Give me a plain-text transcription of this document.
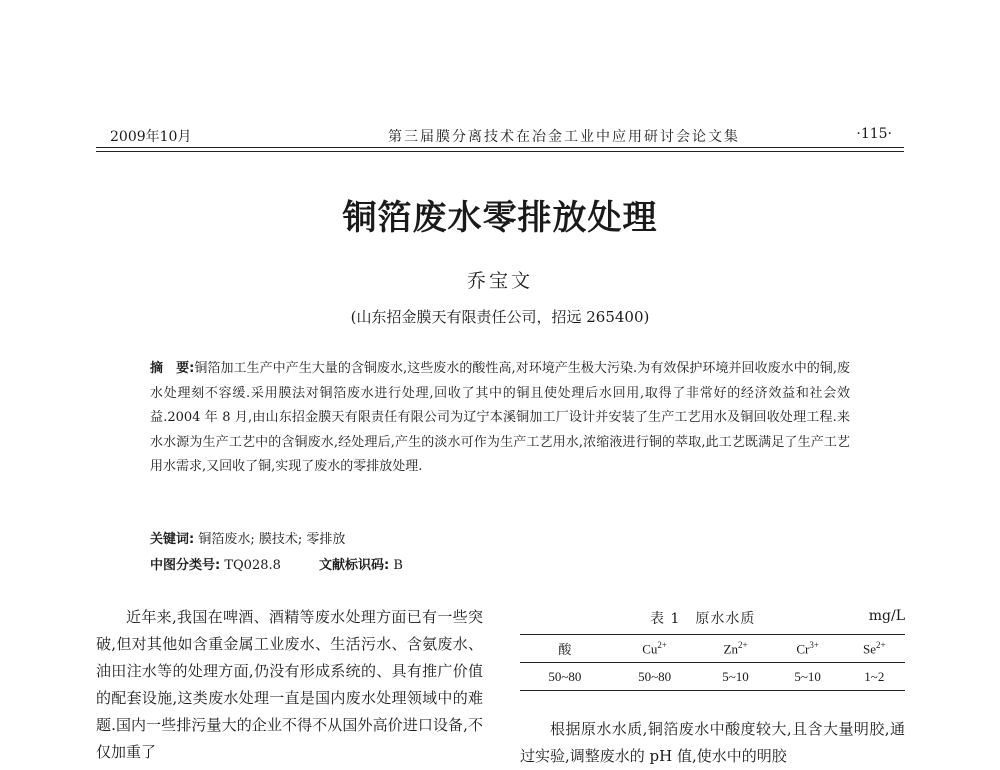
2009年10月	第三届膜分离技术在冶金工业中应用研讨会论文集	·115·
铜箔废水零排放处理
乔宝文
(山东招金膜天有限责任公司，招远 265400)
摘　要:铜箔加工生产中产生大量的含铜废水,这些废水的酸性高,对环境产生极大污染.为有效保护环境并回收废水中的铜,废水处理刻不容缓.采用膜法对铜箔废水进行处理,回收了其中的铜且使处理后水回用,取得了非常好的经济效益和社会效益.2004 年 8 月,由山东招金膜天有限责任有限公司为辽宁本溪铜加工厂设计并安装了生产工艺用水及铜回收处理工程.来水水源为生产工艺中的含铜废水,经处理后,产生的淡水可作为生产工艺用水,浓缩液进行铜的萃取,此工艺既满足了生产工艺用水需求,又回收了铜,实现了废水的零排放处理.
关键词: 铜箔废水; 膜技术; 零排放
中图分类号: TQ028.8	文献标识码: B

近年来,我国在啤酒、酒精等废水处理方面已有一些突破,但对其他如含重金属工业废水、生活污水、含氨废水、油田注水等的处理方面,仍没有形成系统的、具有推广价值的配套设施,这类废水处理一直是国内废水处理领域中的难题.国内一些排污量大的企业不得不从国外高价进口设备,不仅加重了

表 1　原水水质	mg/L
酸	$Cu^{2+}$	$Zn^{2+}$	$Cr^{3+}$	$Se^{2+}$
50~80	50~80	5~10	5~10	1~2

根据原水水质,铜箔废水中酸度较大,且含大量明胶,通过实验,调整废水的 pH 值,使水中的明胶
